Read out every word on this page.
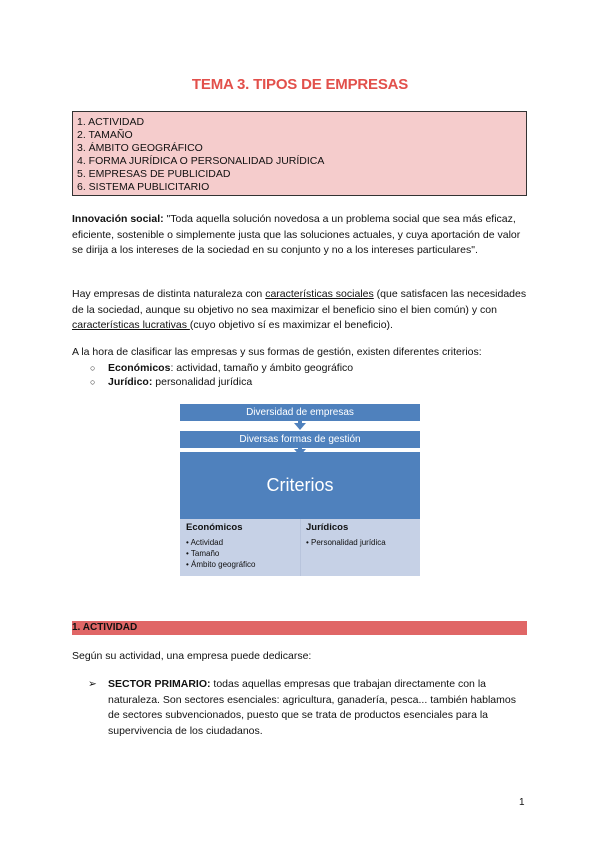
TEMA 3. TIPOS DE EMPRESAS
1. ACTIVIDAD
2. TAMAÑO
3. ÁMBITO GEOGRÁFICO
4. FORMA JURÍDICA O PERSONALIDAD JURÍDICA
5. EMPRESAS DE PUBLICIDAD
6. SISTEMA PUBLICITARIO
Innovación social: "Toda aquella solución novedosa a un problema social que sea más eficaz, eficiente, sostenible o simplemente justa que las soluciones actuales, y cuya aportación de valor se dirija a los intereses de la sociedad en su conjunto y no a los intereses particulares".
Hay empresas de distinta naturaleza con características sociales (que satisfacen las necesidades de la sociedad, aunque su objetivo no sea maximizar el beneficio sino el bien común) y con características lucrativas (cuyo objetivo sí es maximizar el beneficio).
A la hora de clasificar las empresas y sus formas de gestión, existen diferentes criterios:
○ Económicos: actividad, tamaño y ámbito geográfico
○ Jurídico: personalidad jurídica
Diversidad de empresas
Diversas formas de gestión
Criterios
Económicos
• Actividad
• Tamaño
• Ámbito geográfico
Jurídicos
• Personalidad jurídica
1. ACTIVIDAD
Según su actividad, una empresa puede dedicarse:
➢	SECTOR PRIMARIO: todas aquellas empresas que trabajan directamente con la naturaleza. Son sectores esenciales: agricultura, ganadería, pesca... también hablamos de sectores subvencionados, puesto que se trata de productos esenciales para la supervivencia de los ciudadanos.
1
